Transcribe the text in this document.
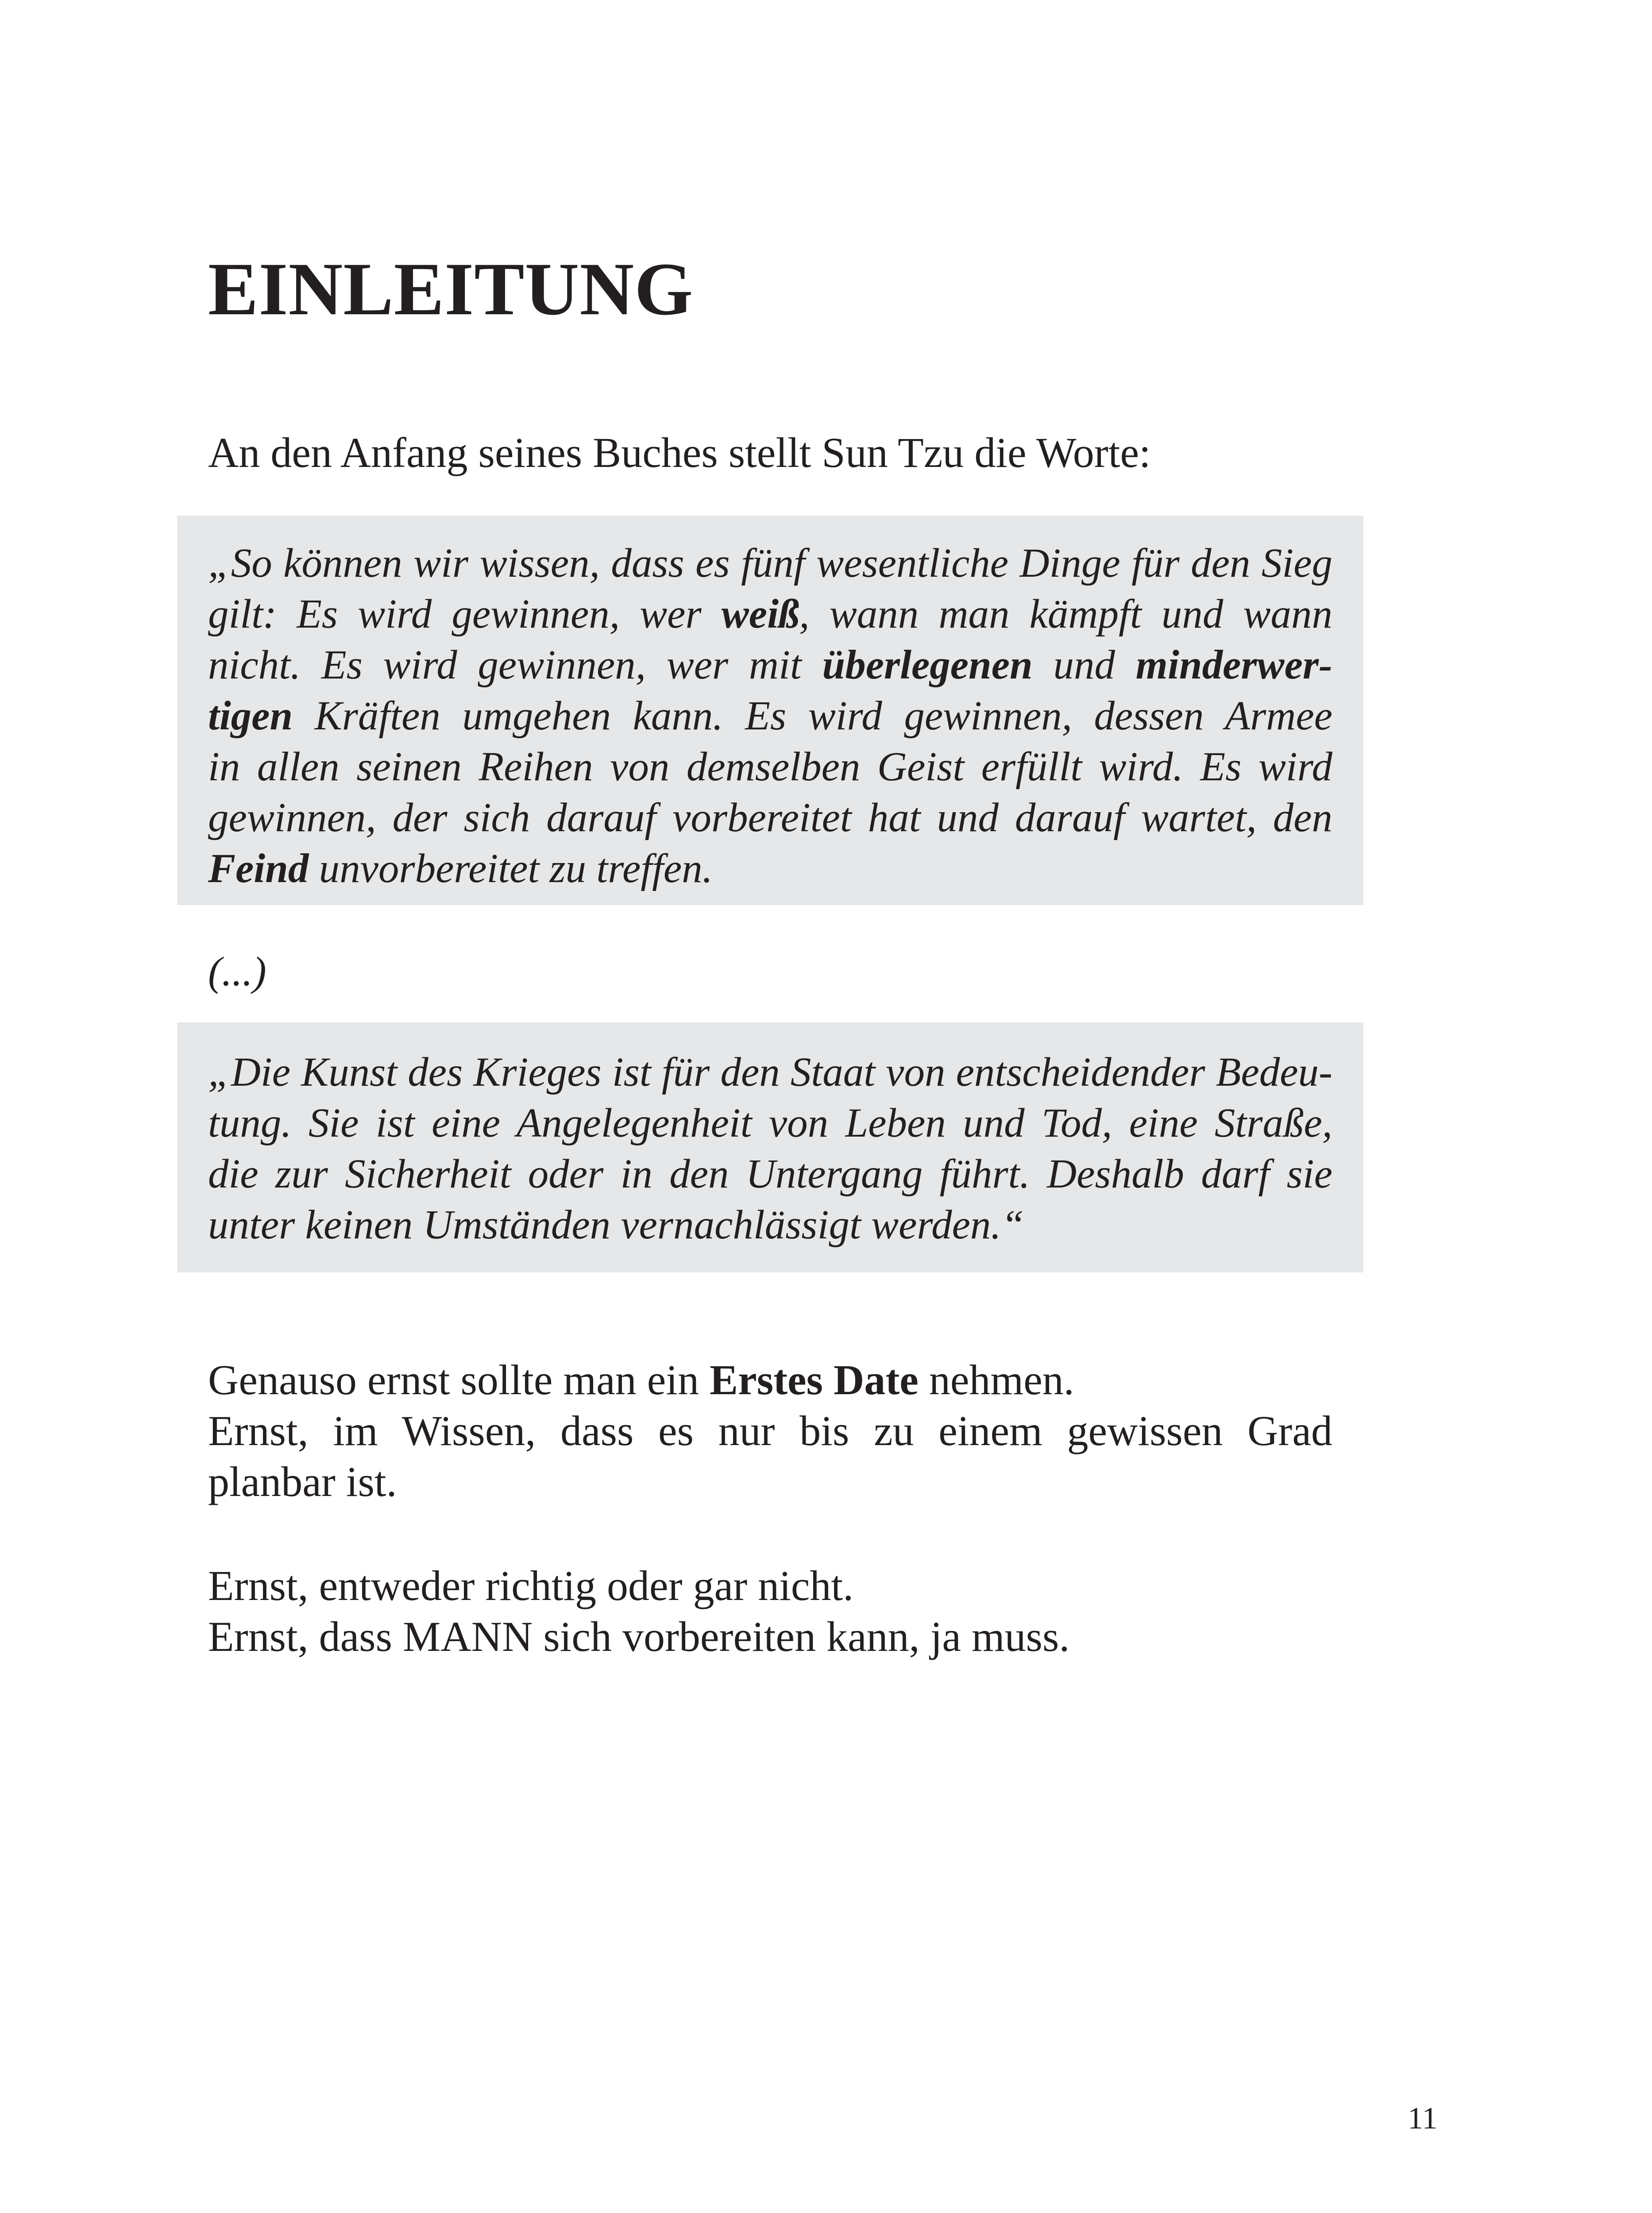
EINLEITUNG
An den Anfang seines Buches stellt Sun Tzu die Worte:
„So können wir wissen, dass es fünf wesentliche Dinge für den Sieg
gilt: Es wird gewinnen, wer weiß, wann man kämpft und wann
nicht. Es wird gewinnen, wer mit überlegenen und minderwer-
tigen Kräften umgehen kann. Es wird gewinnen, dessen Armee
in allen seinen Reihen von demselben Geist erfüllt wird. Es wird
gewinnen, der sich darauf vorbereitet hat und darauf wartet, den
Feind unvorbereitet zu treffen.
(...)
„Die Kunst des Krieges ist für den Staat von entscheidender Bedeu-
tung. Sie ist eine Angelegenheit von Leben und Tod, eine Straße,
die zur Sicherheit oder in den Untergang führt. Deshalb darf sie
unter keinen Umständen vernachlässigt werden.“
Genauso ernst sollte man ein Erstes Date nehmen.
Ernst, im Wissen, dass es nur bis zu einem gewissen Grad
planbar ist.
Ernst, entweder richtig oder gar nicht.
Ernst, dass MANN sich vorbereiten kann, ja muss.
11
